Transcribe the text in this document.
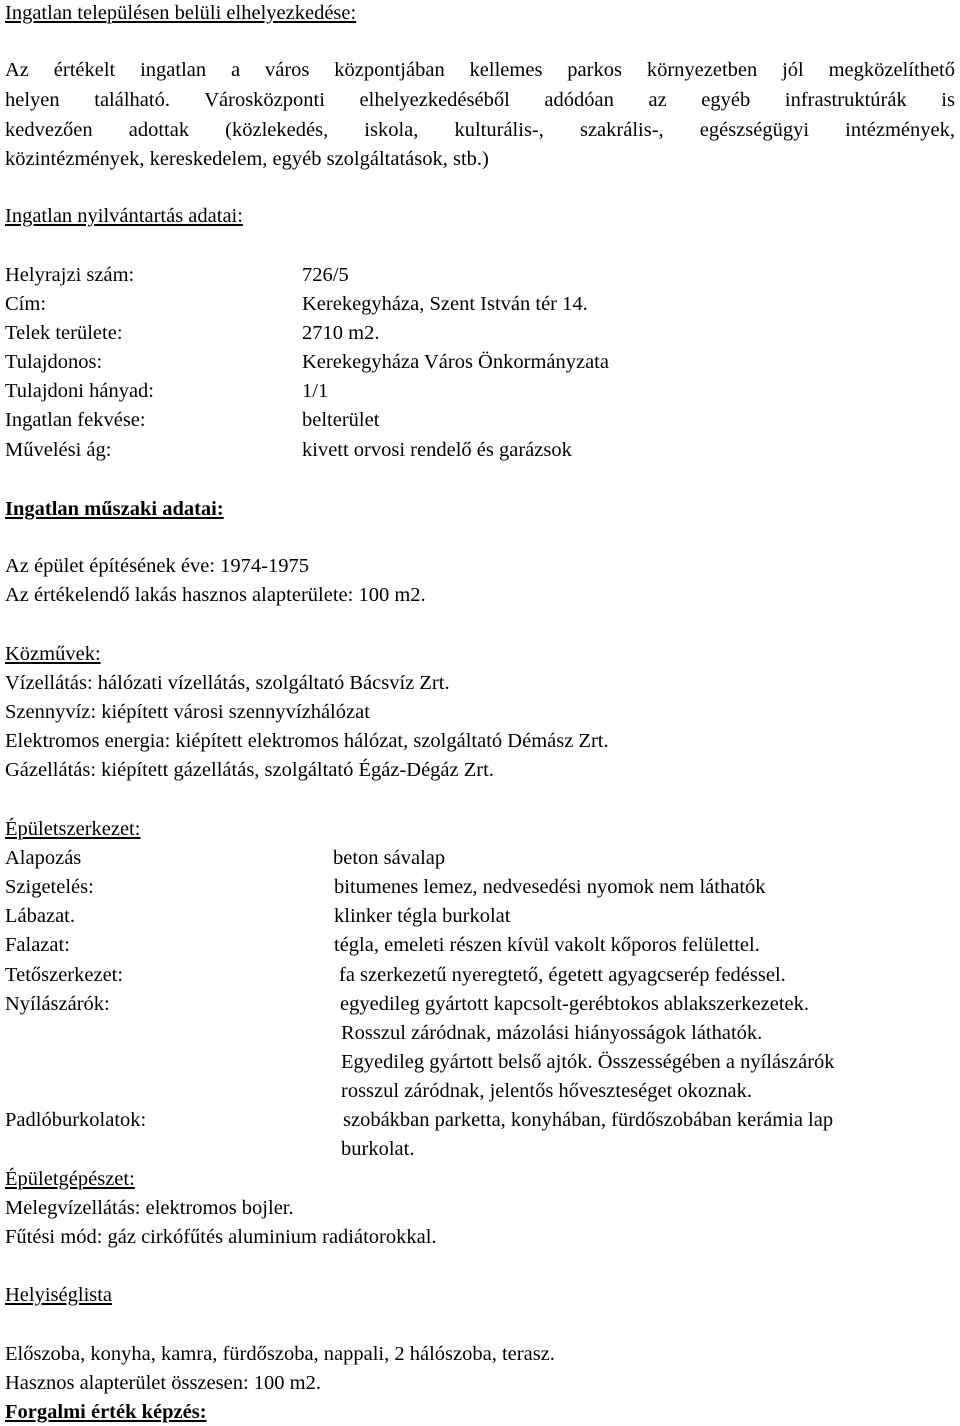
Ingatlan településen belüli elhelyezkedése:
Az értékelt ingatlan a város központjában kellemes parkos környezetben jól megközelíthető
helyen található. Városközponti elhelyezkedéséből adódóan az egyéb infrastruktúrák is
kedvezően adottak (közlekedés, iskola, kulturális-, szakrális-, egészségügyi intézmények,
közintézmények, kereskedelem, egyéb szolgáltatások, stb.)
Ingatlan nyilvántartás adatai:
Helyrajzi szám:	726/5
Cím:	Kerekegyháza, Szent István tér 14.
Telek területe:	2710 m2.
Tulajdonos:	Kerekegyháza Város Önkormányzata
Tulajdoni hányad:	1/1
Ingatlan fekvése:	belterület
Művelési ág:	kivett orvosi rendelő és garázsok
Ingatlan műszaki adatai:
Az épület építésének éve: 1974-1975
Az értékelendő lakás hasznos alapterülete: 100 m2.
Közművek:
Vízellátás: hálózati vízellátás, szolgáltató Bácsvíz Zrt.
Szennyvíz: kiépített városi szennyvízhálózat
Elektromos energia: kiépített elektromos hálózat, szolgáltató Démász Zrt.
Gázellátás: kiépített gázellátás, szolgáltató Égáz-Dégáz Zrt.
Épületszerkezet:
Alapozás	beton sávalap
Szigetelés:	bitumenes lemez, nedvesedési nyomok nem láthatók
Lábazat.	klinker tégla burkolat
Falazat:	tégla, emeleti részen kívül vakolt kőporos felülettel.
Tetőszerkezet:	fa szerkezetű nyeregtető, égetett agyagcserép fedéssel.
Nyílászárók:	egyedileg gyártott kapcsolt-gerébtokos ablakszerkezetek.
Rosszul záródnak, mázolási hiányosságok láthatók.
Egyedileg gyártott belső ajtók. Összességében a nyílászárók
rosszul záródnak, jelentős hőveszteséget okoznak.
Padlóburkolatok:	szobákban parketta, konyhában, fürdőszobában kerámia lap
burkolat.
Épületgépészet:
Melegvízellátás: elektromos bojler.
Fűtési mód: gáz cirkófűtés aluminium radiátorokkal.
Helyiséglista
Előszoba, konyha, kamra, fürdőszoba, nappali, 2 hálószoba, terasz.
Hasznos alapterület összesen: 100 m2.
Forgalmi érték képzés:
